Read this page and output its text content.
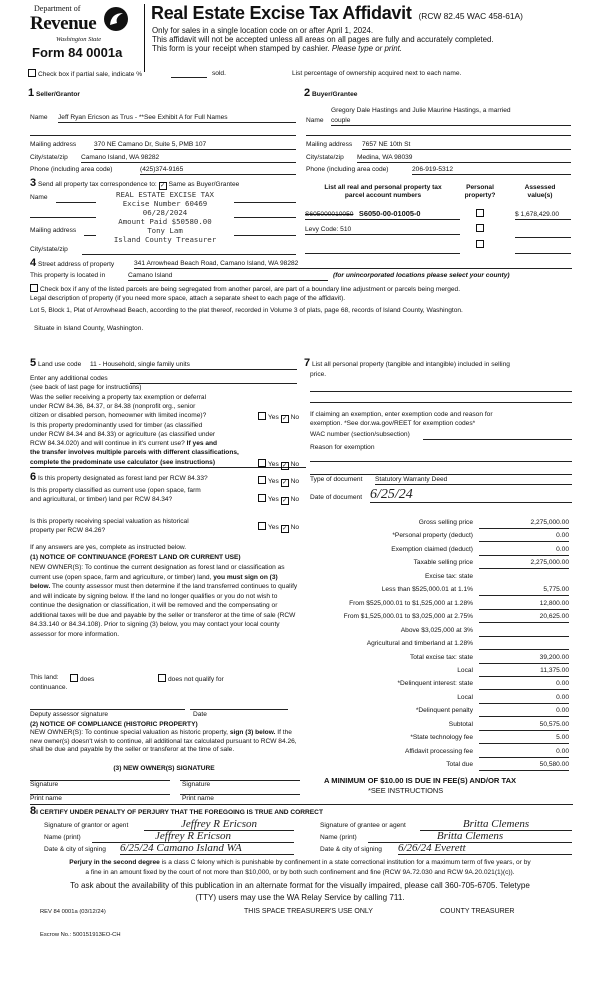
Department of
Revenue
Washington State
Form 84 0001a
Real Estate Excise Tax Affidavit (RCW 82.45 WAC 458-61A)
Only for sales in a single location code on or after April 1, 2024.
This affidavit will not be accepted unless all areas on all pages are fully and accurately completed.
This form is your receipt when stamped by cashier. Please type or print.
Check box if partial sale, indicate %	sold.	List percentage of ownership acquired next to each name.
1 Seller/Grantor
Name Jeff Ryan Ericson as Trus - **See Exhibit A for Full Names
Mailing address	370 NE Camano Dr, Suite 5, PMB 107
City/state/zip Camano Island, WA 98282
Phone (including area code)	(425)374-9165
2 Buyer/Grantee
Gregory Dale Hastings and Julie Maurine Hastings, a married
Name couple
Mailing address 7657 NE 10th St
City/state/zip Medina, WA 98039
Phone (including area code)	206-919-5312
3 Send all property tax correspondence to: ✓ Same as Buyer/Grantee
Name
Mailing address
City/state/zip
REAL ESTATE EXCISE TAX
Excise Number 60469
06/28/2024
Amount Paid $50580.00
Tony Lam
Island County Treasurer
List all real and personal property tax
parcel account numbers
Personal
property?
Assessed
value(s)
S605000010050 S6050-00-01005-0	$ 1,678,429.00
Levy Code: 510
4 Street address of property	341 Arrowhead Beach Road, Camano Island, WA 98282
This property is located in	Camano Island	(for unincorporated locations please select your county)
Check box if any of the listed parcels are being segregated from another parcel, are part of a boundary line adjustment or parcels being merged.
Legal description of property (if you need more space, attach a separate sheet to each page of the affidavit).
Lot 5, Block 1, Plat of Arrowhead Beach, according to the plat thereof, recorded in Volume 3 of plats, page 68, records of Island County, Washington.
Situate in Island County, Washington.
5 Land use code 11 - Household, single family units
Enter any additional codes
(see back of last page for instructions)
Was the seller receiving a property tax exemption or deferral
under RCW 84.36, 84.37, or 84.38 (nonprofit org., senior
citizen or disabled person, homeowner with limited income)?	Yes ✓ No
Is this property predominantly used for timber (as classified
under RCW 84.34 and 84.33) or agriculture (as classified under
RCW 84.34.020) and will continue in it's current use? If yes and
the transfer involves multiple parcels with different classifications,
complete the predominate use calculator (see instructions)	Yes ✓ No
7 List all personal property (tangible and intangible) included in selling
price.
If claiming an exemption, enter exemption code and reason for
exemption. *See dor.wa.gov/REET for exemption codes*
WAC number (section/subsection)
Reason for exemption
6 Is this property designated as forest land per RCW 84.33?	Yes ✓ No
Is this property classified as current use (open space, farm
and agricultural, or timber) land per RCW 84.34?	Yes ✓ No
Type of document Statutory Warranty Deed
Date of document 6/25/24
Is this property receiving special valuation as historical
property per RCW 84.26?	Yes ✓ No
If any answers are yes, complete as instructed below.
(1) NOTICE OF CONTINUANCE (FOREST LAND OR CURRENT USE)
NEW OWNER(S): To continue the current designation as forest land or classification as current use (open space, farm and agriculture, or timber) land, you must sign on (3) below. The county assessor must then determine if the land transferred continues to qualify and will indicate by signing below. If the land no longer qualifies or you do not wish to continue the designation or classification, it will be removed and the compensating or additional taxes will be due and payable by the seller or transferor at the time of sale (RCW 84.33.140 or 84.34.108). Prior to signing (3) below, you may contact your local county assessor for more information.
This land:	does	does not qualify for
continuance.
Deputy assessor signature	Date
(2) NOTICE OF COMPLIANCE (HISTORIC PROPERTY)
NEW OWNER(S): To continue special valuation as historic property, sign (3) below. If the new owner(s) doesn't wish to continue, all additional tax calculated pursuant to RCW 84.26, shall be due and payable by the seller or transferor at the time of sale.
(3) NEW OWNER(S) SIGNATURE
Signature	Signature
Print name	Print name
Gross selling price	2,275,000.00
*Personal property (deduct)	0.00
Exemption claimed (deduct)	0.00
Taxable selling price	2,275,000.00
Excise tax: state
Less than $525,000.01 at 1.1%	5,775.00
From $525,000.01 to $1,525,000 at 1.28%	12,800.00
From $1,525,000.01 to $3,025,000 at 2.75%	20,625.00
Above $3,025,000 at 3%
Agricultural and timberland at 1.28%
Total excise tax: state	39,200.00
Local	11,375.00
*Delinquent interest: state	0.00
Local	0.00
*Delinquent penalty	0.00
Subtotal	50,575.00
*State technology fee	5.00
Affidavit processing fee	0.00
Total due	50,580.00
A MINIMUM OF $10.00 IS DUE IN FEE(S) AND/OR TAX
*SEE INSTRUCTIONS
8I CERTIFY UNDER PENALTY OF PERJURY THAT THE FOREGOING IS TRUE AND CORRECT
Signature of grantor or agent	Jeffrey R Ericson
Name (print)	Jeffrey R Ericson
Date & city of signing 6/25/24 Camano Island WA
Signature of grantee or agent	Britta Clemens
Name (print)	Britta Clemens
Date & city of signing 6/26/24 Everett
Perjury in the second degree is a class C felony which is punishable by confinement in a state correctional institution for a maximum term of five years, or by
a fine in an amount fixed by the court of not more than $10,000, or by both such confinement and fine (RCW 9A.72.030 and RCW 9A.20.021(1)(c)).
To ask about the availability of this publication in an alternate format for the visually impaired, please call 360-705-6705. Teletype
(TTY) users may use the WA Relay Service by calling 711.
REV 84 0001a (03/12/24)	THIS SPACE TREASURER'S USE ONLY	COUNTY TREASURER
Escrow No.: 500151913EO-CH
